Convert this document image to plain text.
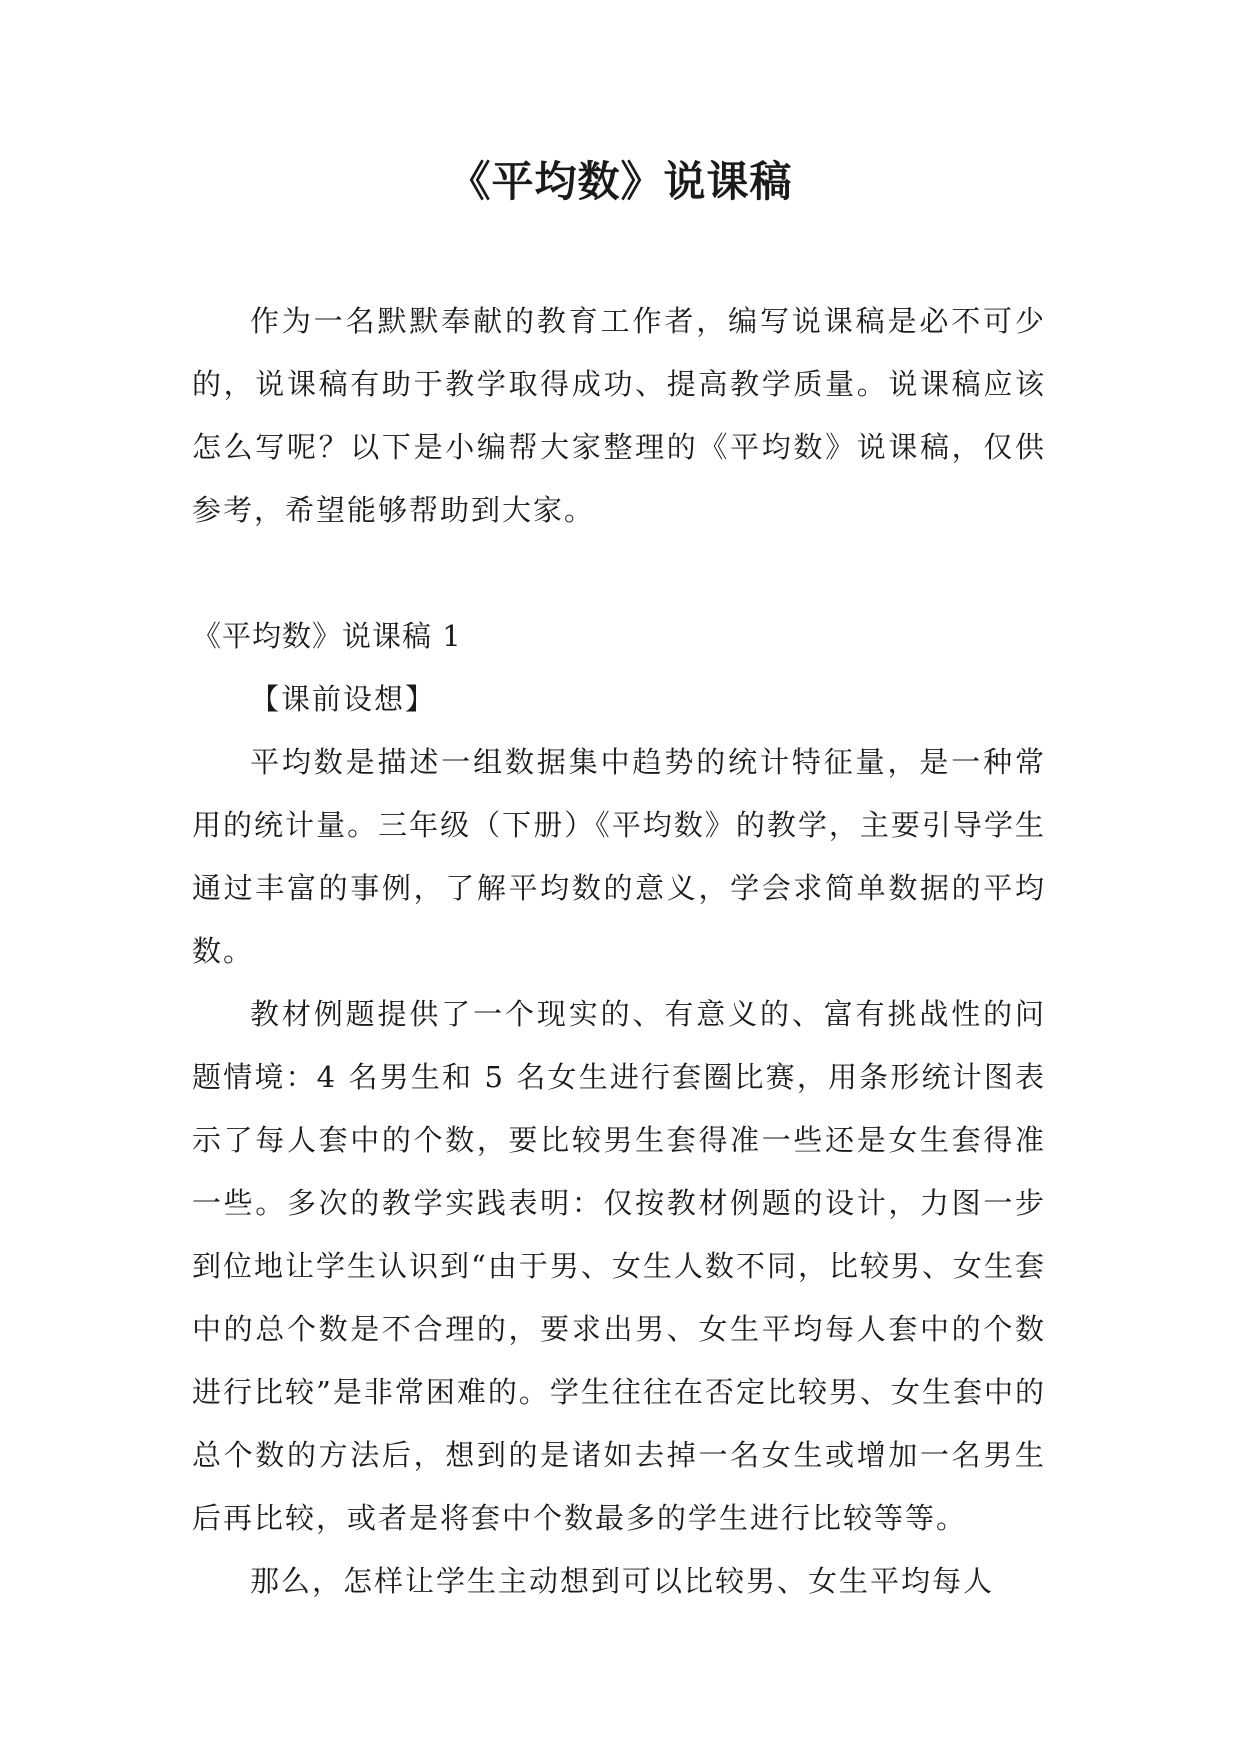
《平均数》说课稿

作为一名默默奉献的教育工作者，编写说课稿是必不可少的，说课稿有助于教学取得成功、提高教学质量。说课稿应该怎么写呢？以下是小编帮大家整理的《平均数》说课稿，仅供参考，希望能够帮助到大家。

《平均数》说课稿 1

【课前设想】

平均数是描述一组数据集中趋势的统计特征量，是一种常用的统计量。三年级（下册）《平均数》的教学，主要引导学生通过丰富的事例，了解平均数的意义，学会求简单数据的平均数。

教材例题提供了一个现实的、有意义的、富有挑战性的问题情境：4 名男生和 5 名女生进行套圈比赛，用条形统计图表示了每人套中的个数，要比较男生套得准一些还是女生套得准一些。多次的教学实践表明：仅按教材例题的设计，力图一步到位地让学生认识到“由于男、女生人数不同，比较男、女生套中的总个数是不合理的，要求出男、女生平均每人套中的个数进行比较”是非常困难的。学生往往在否定比较男、女生套中的总个数的方法后，想到的是诸如去掉一名女生或增加一名男生后再比较，或者是将套中个数最多的学生进行比较等等。

那么，怎样让学生主动想到可以比较男、女生平均每人
